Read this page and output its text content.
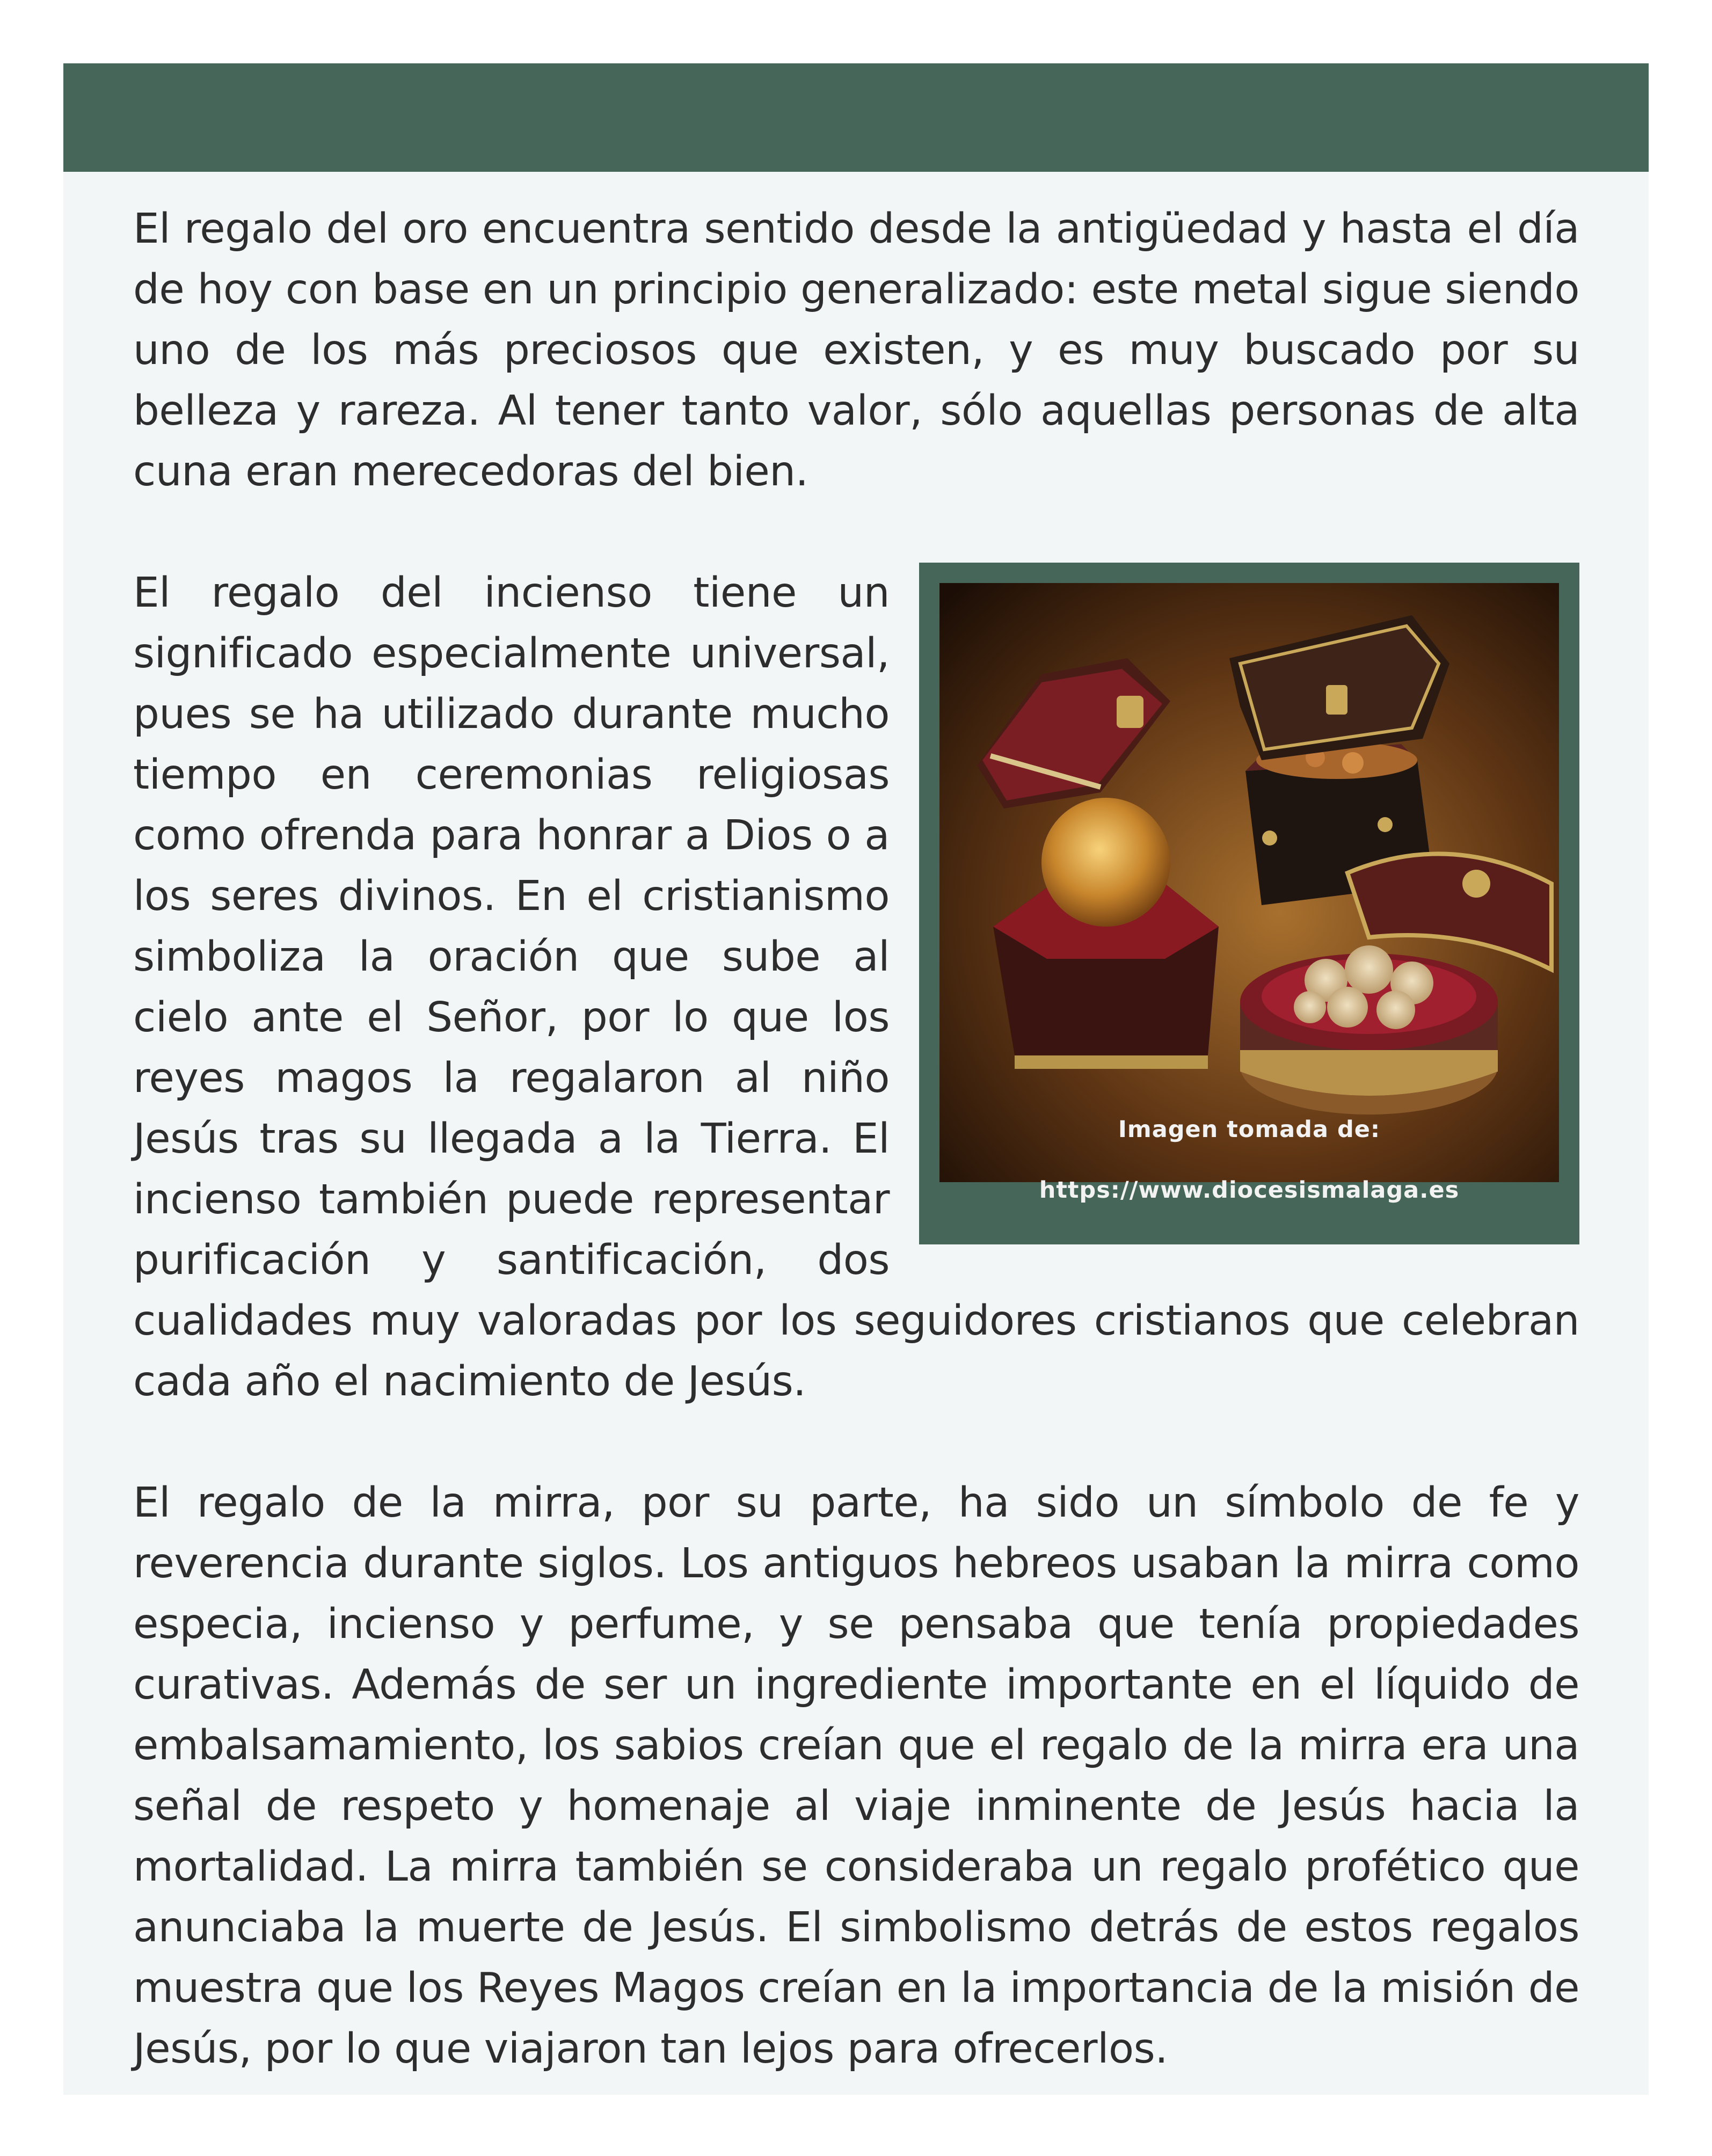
El regalo del oro encuentra sentido desde la antigüedad y hasta el día de hoy con base en un principio generalizado: este metal sigue siendo uno de los más preciosos que existen, y es muy buscado por su belleza y rareza. Al tener tanto valor, sólo aquellas personas de alta cuna eran merecedoras del bien.

Imagen tomada de: https://www.diocesismalaga.es
El regalo del incienso tiene un significado especialmente universal, pues se ha utilizado durante mucho tiempo en ceremonias religiosas como ofrenda para honrar a Dios o a los seres divinos. En el cristianismo simboliza la oración que sube al cielo ante el Señor, por lo que los reyes magos la regalaron al niño Jesús tras su llegada a la Tierra. El incienso también puede representar purificación y santificación, dos cualidades muy valoradas por los seguidores cristianos que celebran cada año el nacimiento de Jesús.

El regalo de la mirra, por su parte, ha sido un símbolo de fe y reverencia durante siglos. Los antiguos hebreos usaban la mirra como especia, incienso y perfume, y se pensaba que tenía propiedades curativas. Además de ser un ingrediente importante en el líquido de embalsamamiento, los sabios creían que el regalo de la mirra era una señal de respeto y homenaje al viaje inminente de Jesús hacia la mortalidad. La mirra también se consideraba un regalo profético que anunciaba la muerte de Jesús. El simbolismo detrás de estos regalos muestra que los Reyes Magos creían en la importancia de la misión de Jesús, por lo que viajaron tan lejos para ofrecerlos.
